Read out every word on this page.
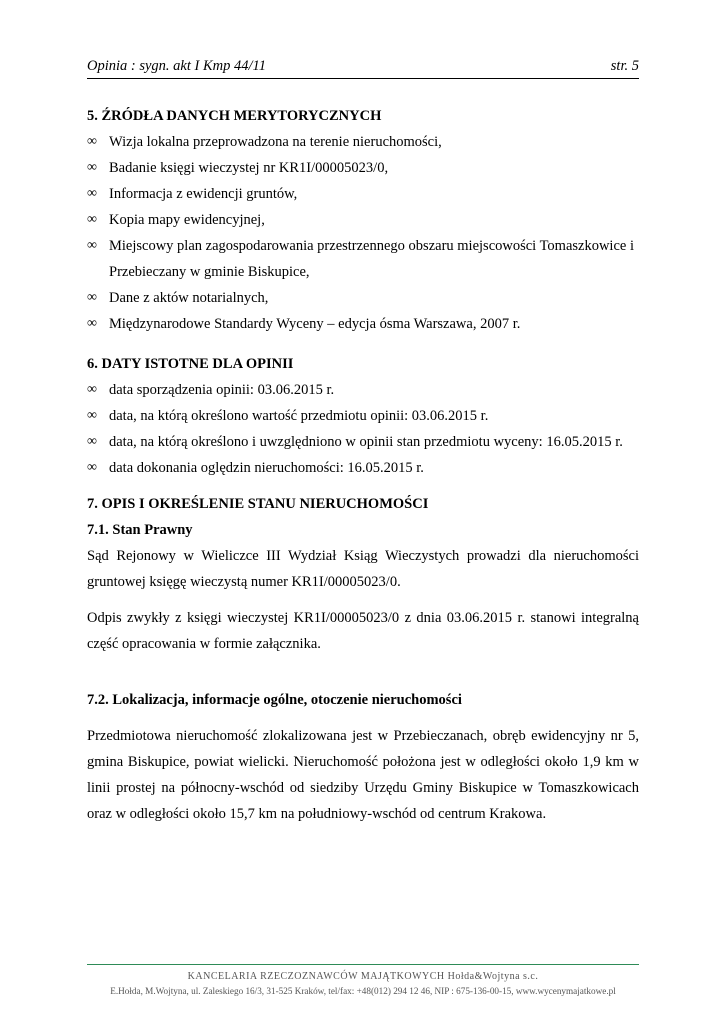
Opinia : sygn. akt I Kmp 44/11	str. 5
5. ŹRÓDŁA DANYCH MERYTORYCZNYCH
∞ Wizja lokalna przeprowadzona na terenie nieruchomości,
∞ Badanie księgi wieczystej nr KR1I/00005023/0,
∞ Informacja z ewidencji gruntów,
∞ Kopia mapy ewidencyjnej,
∞ Miejscowy plan zagospodarowania przestrzennego obszaru miejscowości Tomaszkowice i Przebieczany w gminie Biskupice,
∞ Dane z aktów notarialnych,
∞ Międzynarodowe Standardy Wyceny – edycja ósma Warszawa, 2007 r.
6. DATY ISTOTNE DLA OPINII
∞ data sporządzenia opinii: 03.06.2015 r.
∞ data, na którą określono wartość przedmiotu opinii: 03.06.2015 r.
∞ data, na którą określono i uwzględniono w opinii stan przedmiotu wyceny: 16.05.2015 r.
∞ data dokonania oględzin nieruchomości: 16.05.2015 r.
7. OPIS I OKREŚLENIE STANU NIERUCHOMOŚCI
7.1. Stan Prawny

Sąd Rejonowy w Wieliczce III Wydział Ksiąg Wieczystych prowadzi dla nieruchomości gruntowej księgę wieczystą numer KR1I/00005023/0.

Odpis zwykły z księgi wieczystej KR1I/00005023/0 z dnia 03.06.2015 r. stanowi integralną część opracowania w formie załącznika.

7.2. Lokalizacja, informacje ogólne, otoczenie nieruchomości

Przedmiotowa nieruchomość zlokalizowana jest w Przebieczanach, obręb ewidencyjny nr 5, gmina Biskupice, powiat wielicki. Nieruchomość położona jest w odległości około 1,9 km w linii prostej na północny-wschód od siedziby Urzędu Gminy Biskupice w Tomaszkowicach oraz w odległości około 15,7 km na południowy-wschód od centrum Krakowa.

KANCELARIA RZECZOZNAWCÓW MAJĄTKOWYCH Hołda&Wojtyna s.c.
E.Hołda, M.Wojtyna, ul. Zaleskiego 16/3, 31-525 Kraków, tel/fax: +48(012) 294 12 46, NIP : 675-136-00-15, www.wycenymajatkowe.pl
